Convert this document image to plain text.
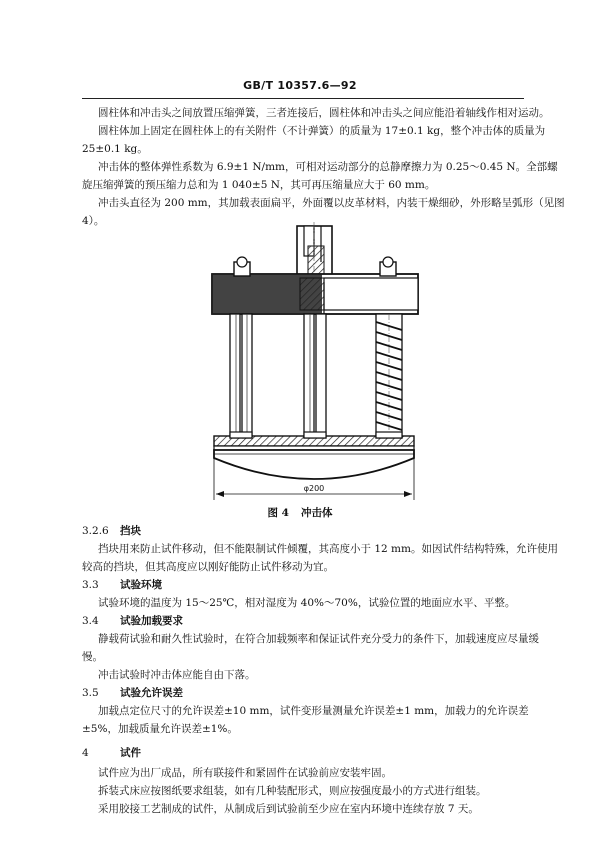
GB/T 10357.6—92

圆柱体和冲击头之间放置压缩弹簧，三者连接后，圆柱体和冲击头之间应能沿着轴线作相对运动。

圆柱体加上固定在圆柱体上的有关附件（不计弹簧）的质量为 17±0.1 kg，整个冲击体的质量为

25±0.1 kg。

冲击体的整体弹性系数为 6.9±1 N/mm，可相对运动部分的总静摩擦力为 0.25～0.45 N。全部螺

旋压缩弹簧的预压缩力总和为 1 040±5 N，其可再压缩量应大于 60 mm。

冲击头直径为 200 mm，其加载表面扁平，外面覆以皮革材料，内装干燥细砂，外形略呈弧形（见图

4）。

φ200
图 4 冲击体
3.2.6 挡块

挡块用来防止试件移动，但不能限制试件倾覆，其高度小于 12 mm。如因试件结构特殊，允许使用

较高的挡块，但其高度应以刚好能防止试件移动为宜。

3.3 试验环境

试验环境的温度为 15～25℃，相对湿度为 40%～70%，试验位置的地面应水平、平整。

3.4 试验加载要求

静载荷试验和耐久性试验时，在符合加载频率和保证试件充分受力的条件下，加载速度应尽量缓

慢。

冲击试验时冲击体应能自由下落。

3.5 试验允许误差

加载点定位尺寸的允许误差±10 mm，试件变形量测量允许误差±1 mm，加载力的允许误差

±5%，加载质量允许误差±1%。

4	试件

试件应为出厂成品，所有联接件和紧固件在试验前应安装牢固。

拆装式床应按图纸要求组装，如有几种装配形式，则应按强度最小的方式进行组装。

采用胶接工艺制成的试件，从制成后到试验前至少应在室内环境中连续存放 7 天。
